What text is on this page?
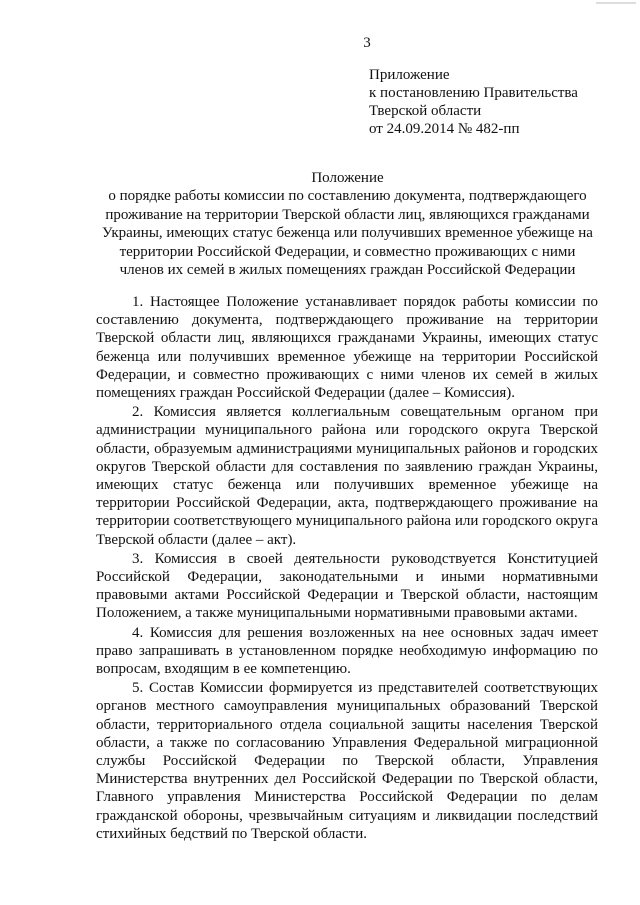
3
Приложение
к постановлению Правительства
Тверской области
от 24.09.2014 № 482-пп
Положение
о порядке работы комиссии по составлению документа, подтверждающего
проживание на территории Тверской области лиц, являющихся гражданами
Украины, имеющих статус беженца или получивших временное убежище на
территории Российской Федерации, и совместно проживающих с ними
членов их семей в жилых помещениях граждан Российской Федерации

1. Настоящее Положение устанавливает порядок работы комиссии по составлению документа, подтверждающего проживание на территории Тверской области лиц, являющихся гражданами Украины, имеющих статус беженца или получивших временное убежище на территории Российской Федерации, и совместно проживающих с ними членов их семей в жилых помещениях граждан Российской Федерации (далее – Комиссия).

2. Комиссия является коллегиальным совещательным органом при администрации муниципального района или городского округа Тверской области, образуемым администрациями муниципальных районов и городских округов Тверской области для составления по заявлению граждан Украины, имеющих статус беженца или получивших временное убежище на территории Российской Федерации, акта, подтверждающего проживание на территории соответствующего муниципального района или городского округа Тверской области (далее – акт).

3. Комиссия в своей деятельности руководствуется Конституцией Российской Федерации, законодательными и иными нормативными правовыми актами Российской Федерации и Тверской области, настоящим Положением, а также муниципальными нормативными правовыми актами.

4. Комиссия для решения возложенных на нее основных задач имеет право запрашивать в установленном порядке необходимую информацию по вопросам, входящим в ее компетенцию.

5. Состав Комиссии формируется из представителей соответствующих органов местного самоуправления муниципальных образований Тверской области, территориального отдела социальной защиты населения Тверской области, а также по согласованию Управления Федеральной миграционной службы Российской Федерации по Тверской области, Управления Министерства внутренних дел Российской Федерации по Тверской области, Главного управления Министерства Российской Федерации по делам гражданской обороны, чрезвычайным ситуациям и ликвидации последствий стихийных бедствий по Тверской области.
